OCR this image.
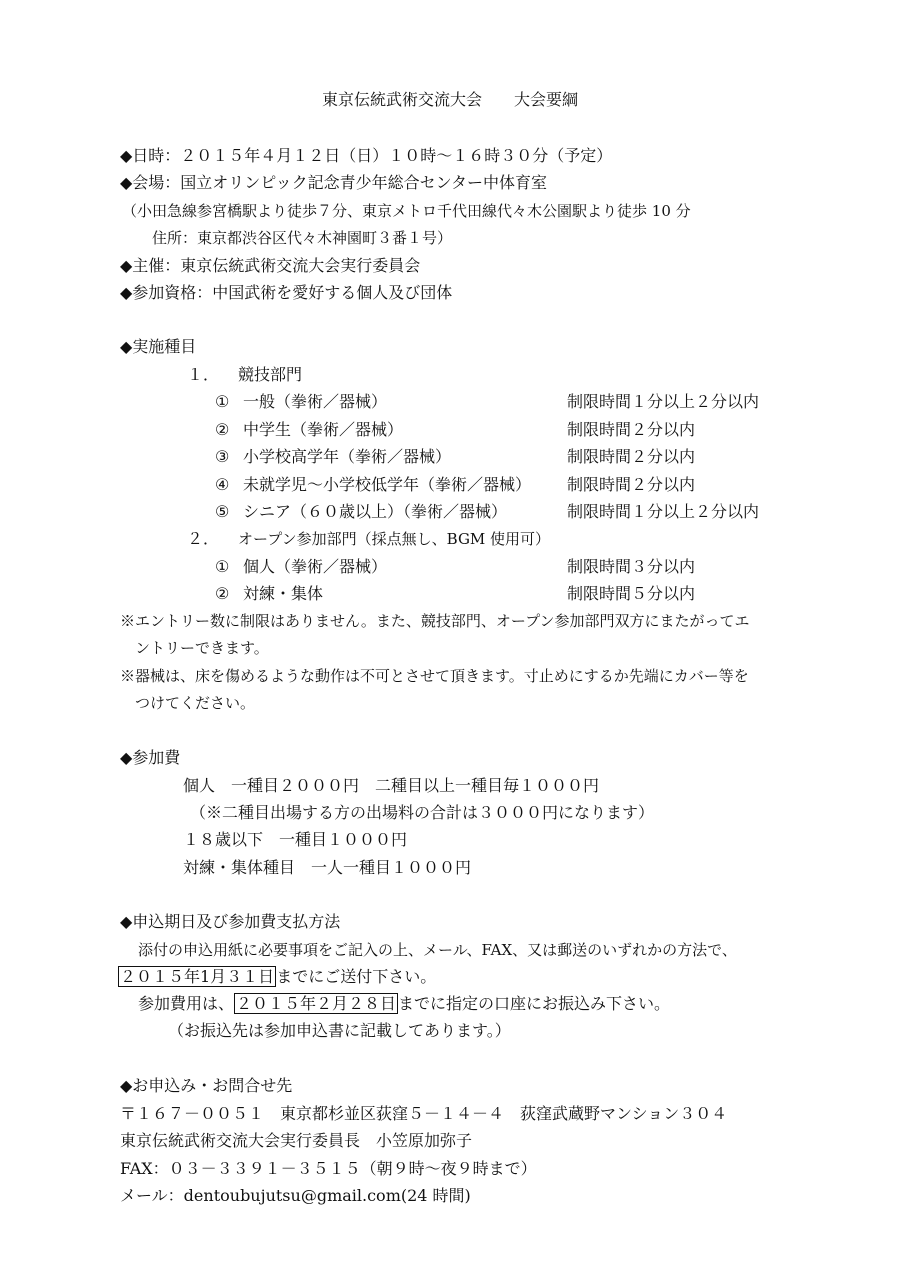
東京伝統武術交流大会　　大会要綱
◆日時：２０１５年４月１２日（日）１０時～１６時３０分（予定）
◆会場：国立オリンピック記念青少年総合センター中体育室
（小田急線参宮橋駅より徒歩７分、東京メトロ千代田線代々木公園駅より徒歩 10 分
住所：東京都渋谷区代々木神園町３番１号）
◆主催：東京伝統武術交流大会実行委員会
◆参加資格：中国武術を愛好する個人及び団体
◆実施種目
１． 競技部門
① 一般（拳術／器械）	制限時間１分以上２分以内
② 中学生（拳術／器械）	制限時間２分以内
③ 小学校高学年（拳術／器械）	制限時間２分以内
④ 未就学児～小学校低学年（拳術／器械） 制限時間２分以内
⑤ シニア（６０歳以上）（拳術／器械）	制限時間１分以上２分以内
２． オープン参加部門（採点無し、BGM 使用可）
① 個人（拳術／器械）	制限時間３分以内
② 対練・集体	制限時間５分以内
※エントリー数に制限はありません。また、競技部門、オープン参加部門双方にまたがってエ
ントリーできます。
※器械は、床を傷めるような動作は不可とさせて頂きます。寸止めにするか先端にカバー等を
つけてください。
◆参加費
個人　一種目２０００円　二種目以上一種目毎１０００円
（※二種目出場する方の出場料の合計は３０００円になります）
１８歳以下　一種目１０００円
対練・集体種目　一人一種目１０００円
◆申込期日及び参加費支払方法
添付の申込用紙に必要事項をご記入の上、メール、FAX、又は郵送のいずれかの方法で、
２０１５年1月３１日 までにご送付下さい。
参加費用は、 ２０１５年２月２８日 までに指定の口座にお振込み下さい。
（お振込先は参加申込書に記載してあります。）
◆お申込み・お問合せ先
〒１６７－００５１　東京都杉並区荻窪５－１４－４　荻窪武蔵野マンション３０４
東京伝統武術交流大会実行委員長　小笠原加弥子
FAX：０３－３３９１－３５１５（朝９時～夜９時まで）
メール：dentoubujutsu@gmail.com(24 時間)
